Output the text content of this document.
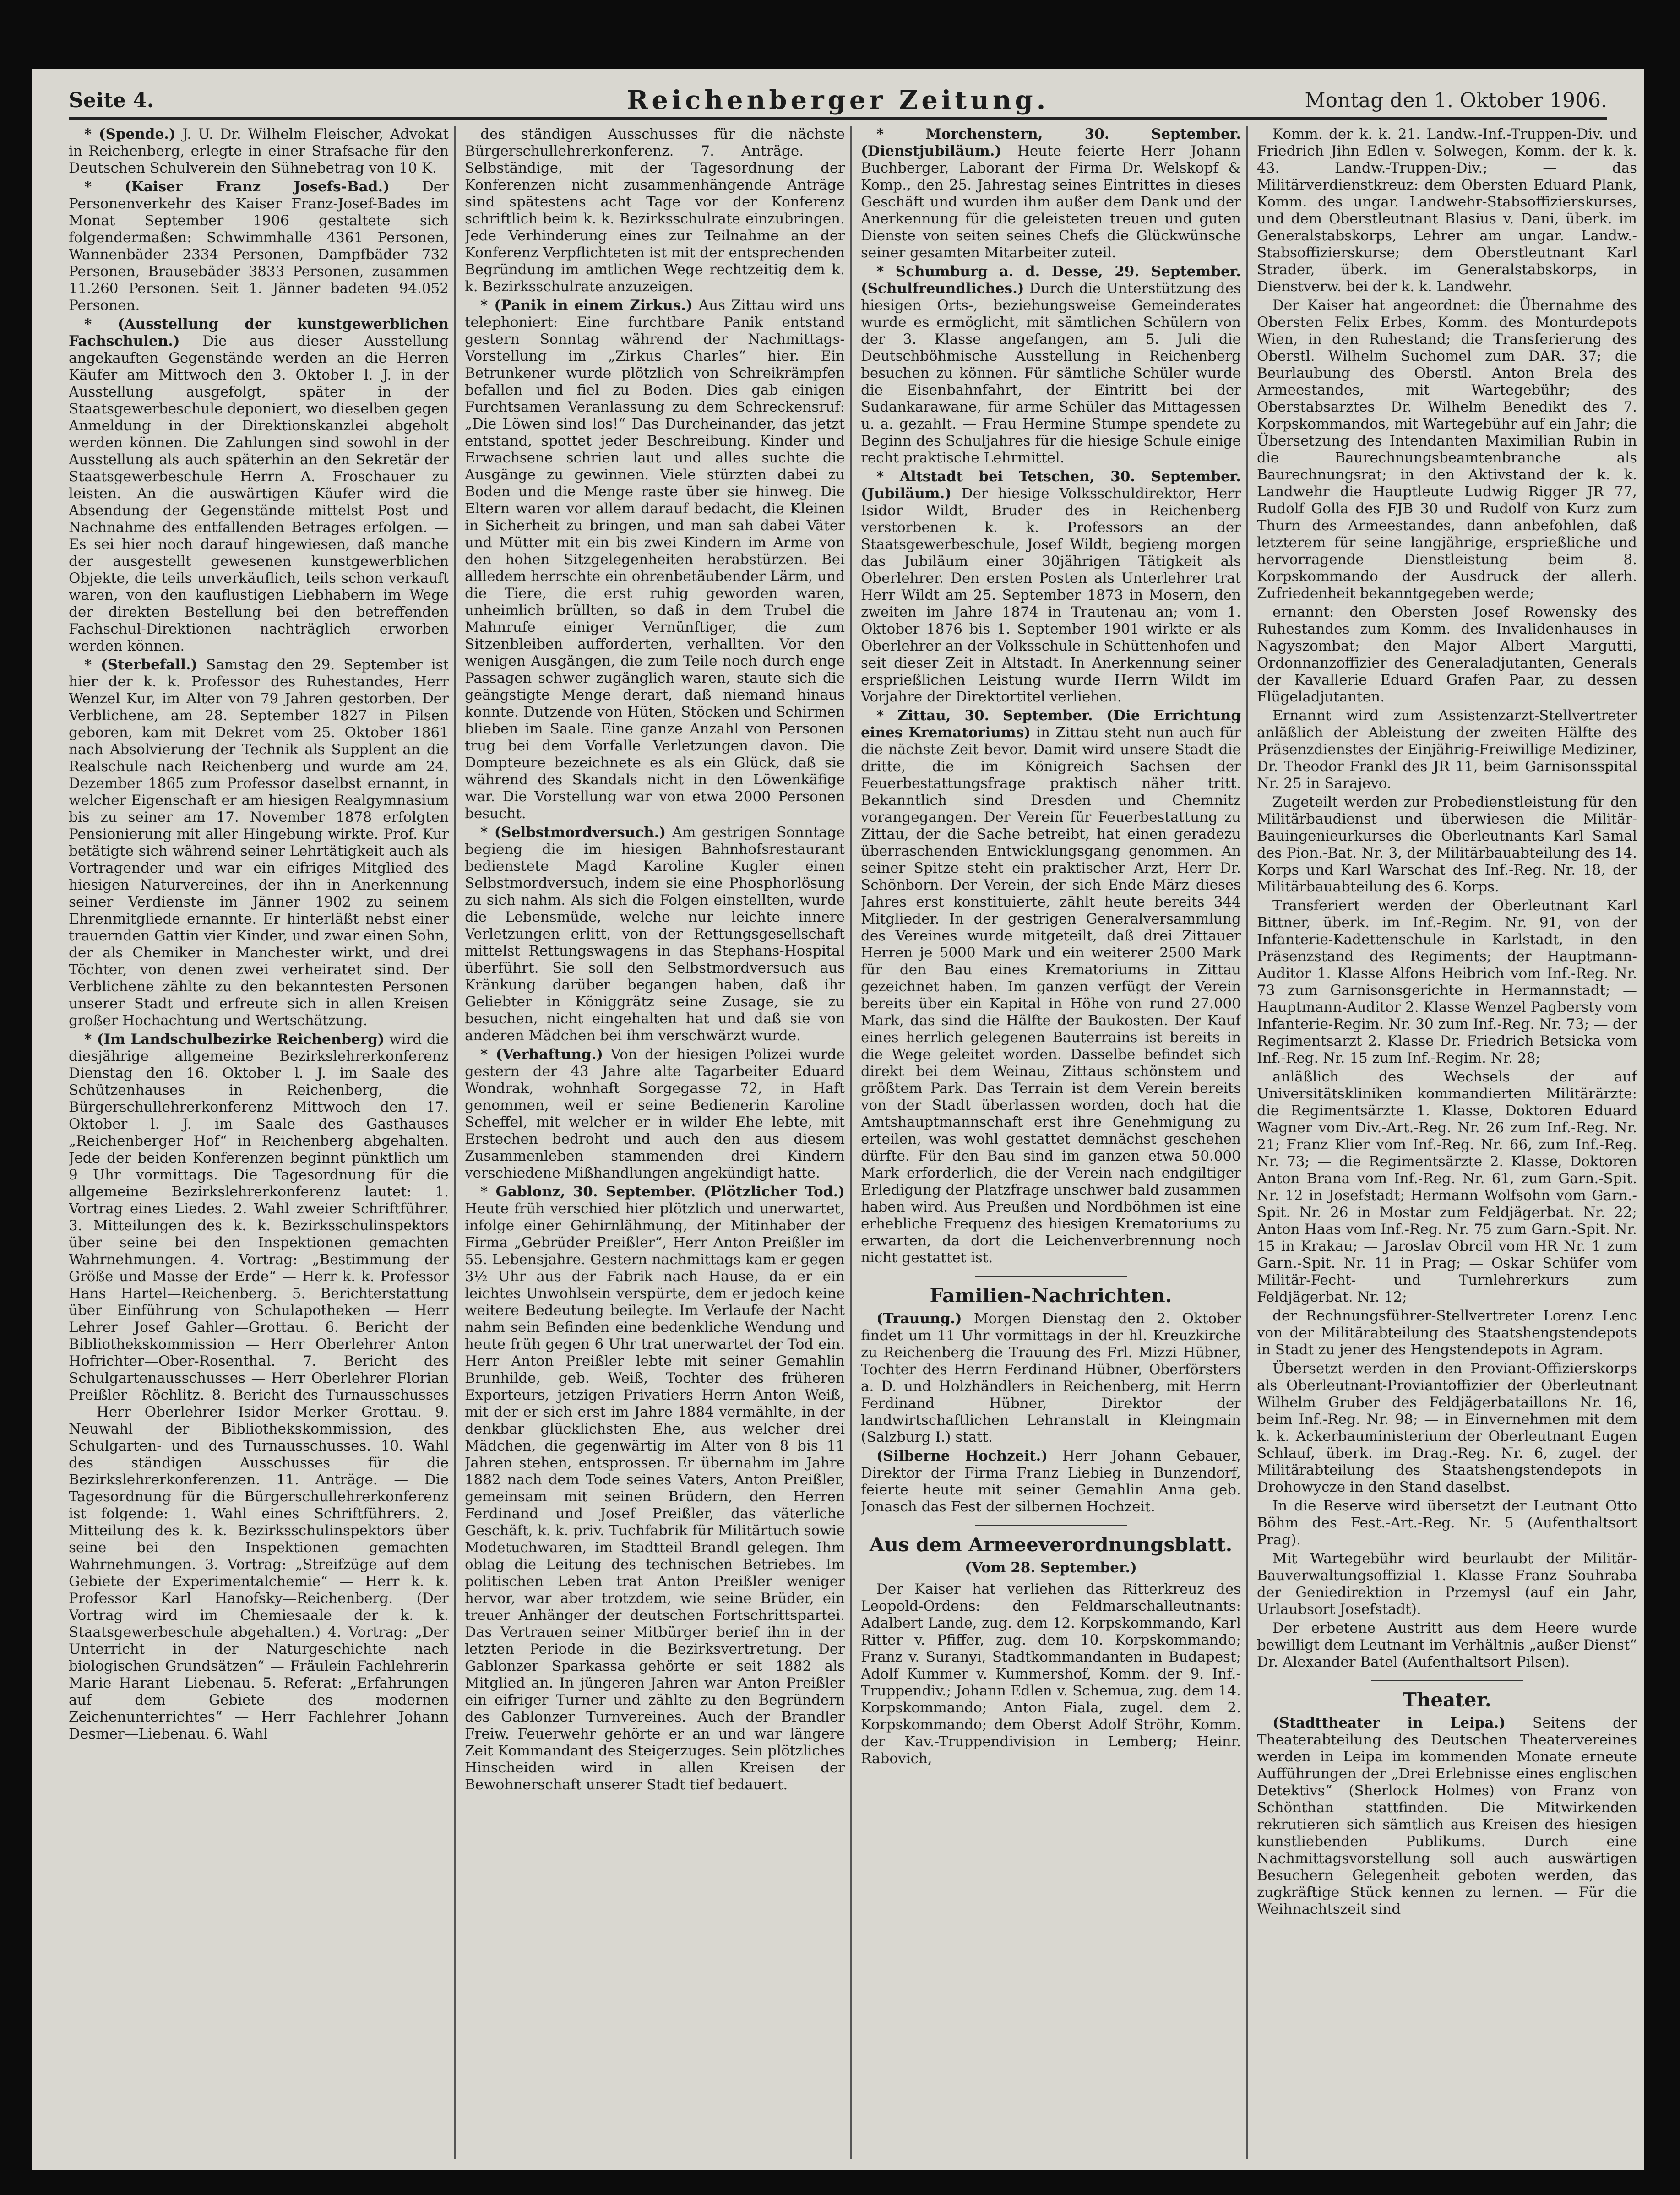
Seite 4.	Reichenberger Zeitung.	Montag den 1. Oktober 1906.

* (Spende.) J. U. Dr. Wilhelm Fleischer, Advokat in Reichenberg, erlegte in einer Strafsache für den Deutschen Schulverein den Sühnebetrag von 10 K.

* (Kaiser Franz Josefs-Bad.) Der Personenverkehr des Kaiser Franz-Josef-Bades im Monat September 1906 gestaltete sich folgendermaßen: Schwimmhalle 4361 Personen, Wannenbäder 2334 Personen, Dampfbäder 732 Personen, Brausebäder 3833 Personen, zusammen 11.260 Personen. Seit 1. Jänner badeten 94.052 Personen.

* (Ausstellung der kunstgewerblichen Fachschulen.) Die aus dieser Ausstellung angekauften Gegenstände werden an die Herren Käufer am Mittwoch den 3. Oktober l. J. in der Ausstellung ausgefolgt, später in der Staatsgewerbeschule deponiert, wo dieselben gegen Anmeldung in der Direktionskanzlei abgeholt werden können. Die Zahlungen sind sowohl in der Ausstellung als auch späterhin an den Sekretär der Staatsgewerbeschule Herrn A. Froschauer zu leisten. An die auswärtigen Käufer wird die Absendung der Gegenstände mittelst Post und Nachnahme des entfallenden Betrages erfolgen. — Es sei hier noch darauf hingewiesen, daß manche der ausgestellt gewesenen kunstgewerblichen Objekte, die teils unverkäuflich, teils schon verkauft waren, von den kauflustigen Liebhabern im Wege der direkten Bestellung bei den betreffenden Fachschul-Direktionen nachträglich erworben werden können.

* (Sterbefall.) Samstag den 29. September ist hier der k. k. Professor des Ruhestandes, Herr Wenzel Kur, im Alter von 79 Jahren gestorben. Der Verblichene, am 28. September 1827 in Pilsen geboren, kam mit Dekret vom 25. Oktober 1861 nach Absolvierung der Technik als Supplent an die Realschule nach Reichenberg und wurde am 24. Dezember 1865 zum Professor daselbst ernannt, in welcher Eigenschaft er am hiesigen Realgymnasium bis zu seiner am 17. November 1878 erfolgten Pensionierung mit aller Hingebung wirkte. Prof. Kur betätigte sich während seiner Lehrtätigkeit auch als Vortragender und war ein eifriges Mitglied des hiesigen Naturvereines, der ihn in Anerkennung seiner Verdienste im Jänner 1902 zu seinem Ehrenmitgliede ernannte. Er hinterläßt nebst einer trauernden Gattin vier Kinder, und zwar einen Sohn, der als Chemiker in Manchester wirkt, und drei Töchter, von denen zwei verheiratet sind. Der Verblichene zählte zu den bekanntesten Personen unserer Stadt und erfreute sich in allen Kreisen großer Hochachtung und Wertschätzung.

* (Im Landschulbezirke Reichenberg) wird die diesjährige allgemeine Bezirkslehrerkonferenz Dienstag den 16. Oktober l. J. im Saale des Schützenhauses in Reichenberg, die Bürgerschullehrerkonferenz Mittwoch den 17. Oktober l. J. im Saale des Gasthauses „Reichenberger Hof“ in Reichenberg abgehalten. Jede der beiden Konferenzen beginnt pünktlich um 9 Uhr vormittags. Die Tagesordnung für die allgemeine Bezirkslehrerkonferenz lautet: 1. Vortrag eines Liedes. 2. Wahl zweier Schriftführer. 3. Mitteilungen des k. k. Bezirksschulinspektors über seine bei den Inspektionen gemachten Wahrnehmungen. 4. Vortrag: „Bestimmung der Größe und Masse der Erde“ — Herr k. k. Professor Hans Hartel—Reichenberg. 5. Berichterstattung über Einführung von Schulapotheken — Herr Lehrer Josef Gahler—Grottau. 6. Bericht der Bibliothekskommission — Herr Oberlehrer Anton Hofrichter—Ober-Rosenthal. 7. Bericht des Schulgartenausschusses — Herr Oberlehrer Florian Preißler—Röchlitz. 8. Bericht des Turnausschusses — Herr Oberlehrer Isidor Merker—Grottau. 9. Neuwahl der Bibliothekskommission, des Schulgarten- und des Turnausschusses. 10. Wahl des ständigen Ausschusses für die Bezirkslehrerkonferenzen. 11. Anträge. — Die Tagesordnung für die Bürgerschullehrerkonferenz ist folgende: 1. Wahl eines Schriftführers. 2. Mitteilung des k. k. Bezirksschulinspektors über seine bei den Inspektionen gemachten Wahrnehmungen. 3. Vortrag: „Streifzüge auf dem Gebiete der Experimentalchemie“ — Herr k. k. Professor Karl Hanofsky—Reichenberg. (Der Vortrag wird im Chemiesaale der k. k. Staatsgewerbeschule abgehalten.) 4. Vortrag: „Der Unterricht in der Naturgeschichte nach biologischen Grundsätzen“ — Fräulein Fachlehrerin Marie Harant—Liebenau. 5. Referat: „Erfahrungen auf dem Gebiete des modernen Zeichenunterrichtes“ — Herr Fachlehrer Johann Desmer—Liebenau. 6. Wahl

des ständigen Ausschusses für die nächste Bürgerschullehrerkonferenz. 7. Anträge. — Selbständige, mit der Tagesordnung der Konferenzen nicht zusammenhängende Anträge sind spätestens acht Tage vor der Konferenz schriftlich beim k. k. Bezirksschulrate einzubringen. Jede Verhinderung eines zur Teilnahme an der Konferenz Verpflichteten ist mit der entsprechenden Begründung im amtlichen Wege rechtzeitig dem k. k. Bezirksschulrate anzuzeigen.

* (Panik in einem Zirkus.) Aus Zittau wird uns telephoniert: Eine furchtbare Panik entstand gestern Sonntag während der Nachmittags-Vorstellung im „Zirkus Charles“ hier. Ein Betrunkener wurde plötzlich von Schreikrämpfen befallen und fiel zu Boden. Dies gab einigen Furchtsamen Veranlassung zu dem Schreckensruf: „Die Löwen sind los!“ Das Durcheinander, das jetzt entstand, spottet jeder Beschreibung. Kinder und Erwachsene schrien laut und alles suchte die Ausgänge zu gewinnen. Viele stürzten dabei zu Boden und die Menge raste über sie hinweg. Die Eltern waren vor allem darauf bedacht, die Kleinen in Sicherheit zu bringen, und man sah dabei Väter und Mütter mit ein bis zwei Kindern im Arme von den hohen Sitzgelegenheiten herabstürzen. Bei allledem herrschte ein ohrenbetäubender Lärm, und die Tiere, die erst ruhig geworden waren, unheimlich brüllten, so daß in dem Trubel die Mahnrufe einiger Vernünftiger, die zum Sitzenbleiben aufforderten, verhallten. Vor den wenigen Ausgängen, die zum Teile noch durch enge Passagen schwer zugänglich waren, staute sich die geängstigte Menge derart, daß niemand hinaus konnte. Dutzende von Hüten, Stöcken und Schirmen blieben im Saale. Eine ganze Anzahl von Personen trug bei dem Vorfalle Verletzungen davon. Die Dompteure bezeichnete es als ein Glück, daß sie während des Skandals nicht in den Löwenkäfige war. Die Vorstellung war von etwa 2000 Personen besucht.

* (Selbstmordversuch.) Am gestrigen Sonntage begieng die im hiesigen Bahnhofsrestaurant bedienstete Magd Karoline Kugler einen Selbstmordversuch, indem sie eine Phosphorlösung zu sich nahm. Als sich die Folgen einstellten, wurde die Lebensmüde, welche nur leichte innere Verletzungen erlitt, von der Rettungsgesellschaft mittelst Rettungswagens in das Stephans-Hospital überführt. Sie soll den Selbstmordversuch aus Kränkung darüber begangen haben, daß ihr Geliebter in Königgrätz seine Zusage, sie zu besuchen, nicht eingehalten hat und daß sie von anderen Mädchen bei ihm verschwärzt wurde.

* (Verhaftung.) Von der hiesigen Polizei wurde gestern der 43 Jahre alte Tagarbeiter Eduard Wondrak, wohnhaft Sorgegasse 72, in Haft genommen, weil er seine Bedienerin Karoline Scheffel, mit welcher er in wilder Ehe lebte, mit Erstechen bedroht und auch den aus diesem Zusammenleben stammenden drei Kindern verschiedene Mißhandlungen angekündigt hatte.

* Gablonz, 30. September. (Plötzlicher Tod.) Heute früh verschied hier plötzlich und unerwartet, infolge einer Gehirnlähmung, der Mitinhaber der Firma „Gebrüder Preißler“, Herr Anton Preißler im 55. Lebensjahre. Gestern nachmittags kam er gegen 3½ Uhr aus der Fabrik nach Hause, da er ein leichtes Unwohlsein verspürte, dem er jedoch keine weitere Bedeutung beilegte. Im Verlaufe der Nacht nahm sein Befinden eine bedenkliche Wendung und heute früh gegen 6 Uhr trat unerwartet der Tod ein. Herr Anton Preißler lebte mit seiner Gemahlin Brunhilde, geb. Weiß, Tochter des früheren Exporteurs, jetzigen Privatiers Herrn Anton Weiß, mit der er sich erst im Jahre 1884 vermählte, in der denkbar glücklichsten Ehe, aus welcher drei Mädchen, die gegenwärtig im Alter von 8 bis 11 Jahren stehen, entsprossen. Er übernahm im Jahre 1882 nach dem Tode seines Vaters, Anton Preißler, gemeinsam mit seinen Brüdern, den Herren Ferdinand und Josef Preißler, das väterliche Geschäft, k. k. priv. Tuchfabrik für Militärtuch sowie Modetuchwaren, im Stadtteil Brandl gelegen. Ihm oblag die Leitung des technischen Betriebes. Im politischen Leben trat Anton Preißler weniger hervor, war aber trotzdem, wie seine Brüder, ein treuer Anhänger der deutschen Fortschrittspartei. Das Vertrauen seiner Mitbürger berief ihn in der letzten Periode in die Bezirksvertretung. Der Gablonzer Sparkassa gehörte er seit 1882 als Mitglied an. In jüngeren Jahren war Anton Preißler ein eifriger Turner und zählte zu den Begründern des Gablonzer Turnvereines. Auch der Brandler Freiw. Feuerwehr gehörte er an und war längere Zeit Kommandant des Steigerzuges. Sein plötzliches Hinscheiden wird in allen Kreisen der Bewohnerschaft unserer Stadt tief bedauert.

* Morchenstern, 30. September. (Dienstjubiläum.) Heute feierte Herr Johann Buchberger, Laborant der Firma Dr. Welskopf & Komp., den 25. Jahrestag seines Eintrittes in dieses Geschäft und wurden ihm außer dem Dank und der Anerkennung für die geleisteten treuen und guten Dienste von seiten seines Chefs die Glückwünsche seiner gesamten Mitarbeiter zuteil.

* Schumburg a. d. Desse, 29. September. (Schulfreundliches.) Durch die Unterstützung des hiesigen Orts-, beziehungsweise Gemeinderates wurde es ermöglicht, mit sämtlichen Schülern von der 3. Klasse angefangen, am 5. Juli die Deutschböhmische Ausstellung in Reichenberg besuchen zu können. Für sämtliche Schüler wurde die Eisenbahnfahrt, der Eintritt bei der Sudankarawane, für arme Schüler das Mittagessen u. a. gezahlt. — Frau Hermine Stumpe spendete zu Beginn des Schuljahres für die hiesige Schule einige recht praktische Lehrmittel.

* Altstadt bei Tetschen, 30. September. (Jubiläum.) Der hiesige Volksschuldirektor, Herr Isidor Wildt, Bruder des in Reichenberg verstorbenen k. k. Professors an der Staatsgewerbeschule, Josef Wildt, begieng morgen das Jubiläum einer 30jährigen Tätigkeit als Oberlehrer. Den ersten Posten als Unterlehrer trat Herr Wildt am 25. September 1873 in Mosern, den zweiten im Jahre 1874 in Trautenau an; vom 1. Oktober 1876 bis 1. September 1901 wirkte er als Oberlehrer an der Volksschule in Schüttenhofen und seit dieser Zeit in Altstadt. In Anerkennung seiner ersprießlichen Leistung wurde Herrn Wildt im Vorjahre der Direktortitel verliehen.

* Zittau, 30. September. (Die Errichtung eines Krematoriums) in Zittau steht nun auch für die nächste Zeit bevor. Damit wird unsere Stadt die dritte, die im Königreich Sachsen der Feuerbestattungsfrage praktisch näher tritt. Bekanntlich sind Dresden und Chemnitz vorangegangen. Der Verein für Feuerbestattung zu Zittau, der die Sache betreibt, hat einen geradezu überraschenden Entwicklungsgang genommen. An seiner Spitze steht ein praktischer Arzt, Herr Dr. Schönborn. Der Verein, der sich Ende März dieses Jahres erst konstituierte, zählt heute bereits 344 Mitglieder. In der gestrigen Generalversammlung des Vereines wurde mitgeteilt, daß drei Zittauer Herren je 5000 Mark und ein weiterer 2500 Mark für den Bau eines Krematoriums in Zittau gezeichnet haben. Im ganzen verfügt der Verein bereits über ein Kapital in Höhe von rund 27.000 Mark, das sind die Hälfte der Baukosten. Der Kauf eines herrlich gelegenen Bauterrains ist bereits in die Wege geleitet worden. Dasselbe befindet sich direkt bei dem Weinau, Zittaus schönstem und größtem Park. Das Terrain ist dem Verein bereits von der Stadt überlassen worden, doch hat die Amtshauptmannschaft erst ihre Genehmigung zu erteilen, was wohl gestattet demnächst geschehen dürfte. Für den Bau sind im ganzen etwa 50.000 Mark erforderlich, die der Verein nach endgiltiger Erledigung der Platzfrage unschwer bald zusammen haben wird. Aus Preußen und Nordböhmen ist eine erhebliche Frequenz des hiesigen Krematoriums zu erwarten, da dort die Leichenverbrennung noch nicht gestattet ist.

Familien-Nachrichten.

(Trauung.) Morgen Dienstag den 2. Oktober findet um 11 Uhr vormittags in der hl. Kreuzkirche zu Reichenberg die Trauung des Frl. Mizzi Hübner, Tochter des Herrn Ferdinand Hübner, Oberförsters a. D. und Holzhändlers in Reichenberg, mit Herrn Ferdinand Hübner, Direktor der landwirtschaftlichen Lehranstalt in Kleingmain (Salzburg I.) statt.

(Silberne Hochzeit.) Herr Johann Gebauer, Direktor der Firma Franz Liebieg in Bunzendorf, feierte heute mit seiner Gemahlin Anna geb. Jonasch das Fest der silbernen Hochzeit.

Aus dem Armeeverordnungsblatt.
(Vom 28. September.)

Der Kaiser hat verliehen das Ritterkreuz des Leopold-Ordens: den Feldmarschalleutnants: Adalbert Lande, zug. dem 12. Korpskommando, Karl Ritter v. Pfiffer, zug. dem 10. Korpskommando; Franz v. Suranyi, Stadtkommandanten in Budapest; Adolf Kummer v. Kummershof, Komm. der 9. Inf.-Truppendiv.; Johann Edlen v. Schemua, zug. dem 14. Korpskommando; Anton Fiala, zugel. dem 2. Korpskommando; dem Oberst Adolf Ströhr, Komm. der Kav.-Truppendivision in Lemberg; Heinr. Rabovich,

Komm. der k. k. 21. Landw.-Inf.-Truppen-Div. und Friedrich Jihn Edlen v. Solwegen, Komm. der k. k. 43. Landw.-Truppen-Div.; — das Militärverdienstkreuz: dem Obersten Eduard Plank, Komm. des ungar. Landwehr-Stabsoffizierskurses, und dem Oberstleutnant Blasius v. Dani, überk. im Generalstabskorps, Lehrer am ungar. Landw.-Stabsoffizierskurse; dem Oberstleutnant Karl Strader, überk. im Generalstabskorps, in Dienstverw. bei der k. k. Landwehr.

Der Kaiser hat angeordnet: die Übernahme des Obersten Felix Erbes, Komm. des Monturdepots Wien, in den Ruhestand; die Transferierung des Oberstl. Wilhelm Suchomel zum DAR. 37; die Beurlaubung des Oberstl. Anton Brela des Armeestandes, mit Wartegebühr; des Oberstabsarztes Dr. Wilhelm Benedikt des 7. Korpskommandos, mit Wartegebühr auf ein Jahr; die Übersetzung des Intendanten Maximilian Rubin in die Baurechnungsbeamtenbranche als Baurechnungsrat; in den Aktivstand der k. k. Landwehr die Hauptleute Ludwig Rigger JR 77, Rudolf Golla des FJB 30 und Rudolf von Kurz zum Thurn des Armeestandes, dann anbefohlen, daß letzterem für seine langjährige, ersprießliche und hervorragende Dienstleistung beim 8. Korpskommando der Ausdruck der allerh. Zufriedenheit bekanntgegeben werde;

ernannt: den Obersten Josef Rowensky des Ruhestandes zum Komm. des Invalidenhauses in Nagyszombat; den Major Albert Margutti, Ordonnanzoffizier des Generaladjutanten, Generals der Kavallerie Eduard Grafen Paar, zu dessen Flügeladjutanten.

Ernannt wird zum Assistenzarzt-Stellvertreter anläßlich der Ableistung der zweiten Hälfte des Präsenzdienstes der Einjährig-Freiwillige Mediziner, Dr. Theodor Frankl des JR 11, beim Garnisonsspital Nr. 25 in Sarajevo.

Zugeteilt werden zur Probedienstleistung für den Militärbaudienst und überwiesen die Militär-Bauingenieurkurses die Oberleutnants Karl Samal des Pion.-Bat. Nr. 3, der Militärbauabteilung des 14. Korps und Karl Warschat des Inf.-Reg. Nr. 18, der Militärbauabteilung des 6. Korps.

Transferiert werden der Oberleutnant Karl Bittner, überk. im Inf.-Regim. Nr. 91, von der Infanterie-Kadettenschule in Karlstadt, in den Präsenzstand des Regiments; der Hauptmann-Auditor 1. Klasse Alfons Heibrich vom Inf.-Reg. Nr. 73 zum Garnisonsgerichte in Hermannstadt; — Hauptmann-Auditor 2. Klasse Wenzel Pagbersty vom Infanterie-Regim. Nr. 30 zum Inf.-Reg. Nr. 73; — der Regimentsarzt 2. Klasse Dr. Friedrich Betsicka vom Inf.-Reg. Nr. 15 zum Inf.-Regim. Nr. 28;

anläßlich des Wechsels der auf Universitätskliniken kommandierten Militärärzte: die Regimentsärzte 1. Klasse, Doktoren Eduard Wagner vom Div.-Art.-Reg. Nr. 26 zum Inf.-Reg. Nr. 21; Franz Klier vom Inf.-Reg. Nr. 66, zum Inf.-Reg. Nr. 73; — die Regimentsärzte 2. Klasse, Doktoren Anton Brana vom Inf.-Reg. Nr. 61, zum Garn.-Spit. Nr. 12 in Josefstadt; Hermann Wolfsohn vom Garn.-Spit. Nr. 26 in Mostar zum Feldjägerbat. Nr. 22; Anton Haas vom Inf.-Reg. Nr. 75 zum Garn.-Spit. Nr. 15 in Krakau; — Jaroslav Obrcil vom HR Nr. 1 zum Garn.-Spit. Nr. 11 in Prag; — Oskar Schüfer vom Militär-Fecht- und Turnlehrerkurs zum Feldjägerbat. Nr. 12;

der Rechnungsführer-Stellvertreter Lorenz Lenc von der Militärabteilung des Staatshengstendepots in Stadt zu jener des Hengstendepots in Agram.

Übersetzt werden in den Proviant-Offizierskorps als Oberleutnant-Proviantoffizier der Oberleutnant Wilhelm Gruber des Feldjägerbataillons Nr. 16, beim Inf.-Reg. Nr. 98; — in Einvernehmen mit dem k. k. Ackerbauministerium der Oberleutnant Eugen Schlauf, überk. im Drag.-Reg. Nr. 6, zugel. der Militärabteilung des Staatshengstendepots in Drohowycze in den Stand daselbst.

In die Reserve wird übersetzt der Leutnant Otto Böhm des Fest.-Art.-Reg. Nr. 5 (Aufenthaltsort Prag).

Mit Wartegebühr wird beurlaubt der Militär-Bauverwaltungsoffizial 1. Klasse Franz Souhraba der Geniedirektion in Przemysl (auf ein Jahr, Urlaubsort Josefstadt).

Der erbetene Austritt aus dem Heere wurde bewilligt dem Leutnant im Verhältnis „außer Dienst“ Dr. Alexander Batel (Aufenthaltsort Pilsen).

Theater.

(Stadttheater in Leipa.) Seitens der Theaterabteilung des Deutschen Theatervereines werden in Leipa im kommenden Monate erneute Aufführungen der „Drei Erlebnisse eines englischen Detektivs“ (Sherlock Holmes) von Franz von Schönthan stattfinden. Die Mitwirkenden rekrutieren sich sämtlich aus Kreisen des hiesigen kunstliebenden Publikums. Durch eine Nachmittagsvorstellung soll auch auswärtigen Besuchern Gelegenheit geboten werden, das zugkräftige Stück kennen zu lernen. — Für die Weihnachtszeit sind
